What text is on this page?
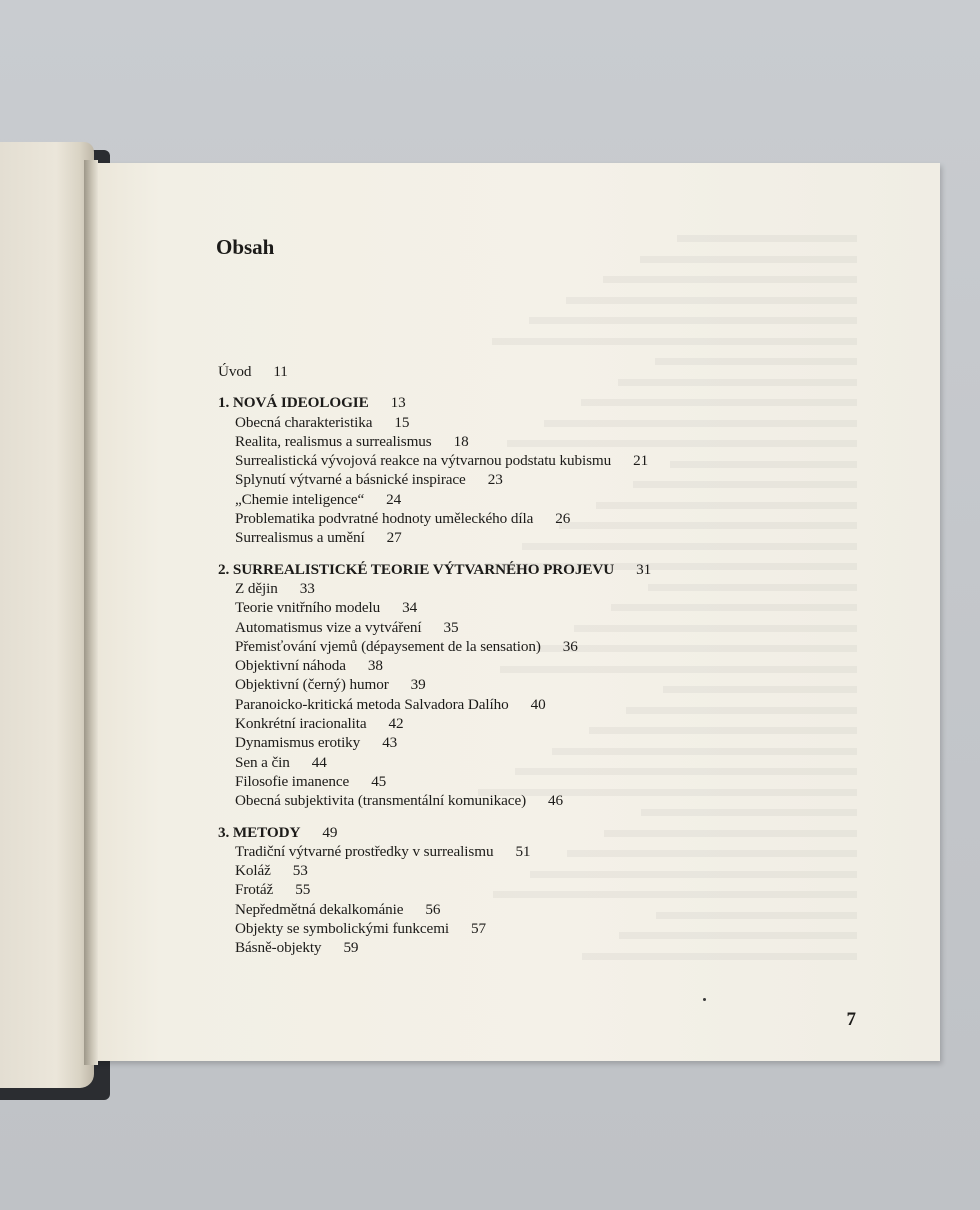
Obsah
Úvod 11
1. NOVÁ IDEOLOGIE 13
Obecná charakteristika 15
Realita, realismus a surrealismus 18
Surrealistická vývojová reakce na výtvarnou podstatu kubismu 21
Splynutí výtvarné a básnické inspirace 23
„Chemie inteligence“ 24
Problematika podvratné hodnoty uměleckého díla 26
Surrealismus a umění 27
2. SURREALISTICKÉ TEORIE VÝTVARNÉHO PROJEVU 31
Z dějin 33
Teorie vnitřního modelu 34
Automatismus vize a vytváření 35
Přemisťování vjemů (dépaysement de la sensation) 36
Objektivní náhoda 38
Objektivní (černý) humor 39
Paranoicko-kritická metoda Salvadora Dalího 40
Konkrétní iracionalita 42
Dynamismus erotiky 43
Sen a čin 44
Filosofie imanence 45
Obecná subjektivita (transmentální komunikace) 46
3. METODY 49
Tradiční výtvarné prostředky v surrealismu 51
Koláž 53
Frotáž 55
Nepředmětná dekalkománie 56
Objekty se symbolickými funkcemi 57
Básně-objekty 59
7
